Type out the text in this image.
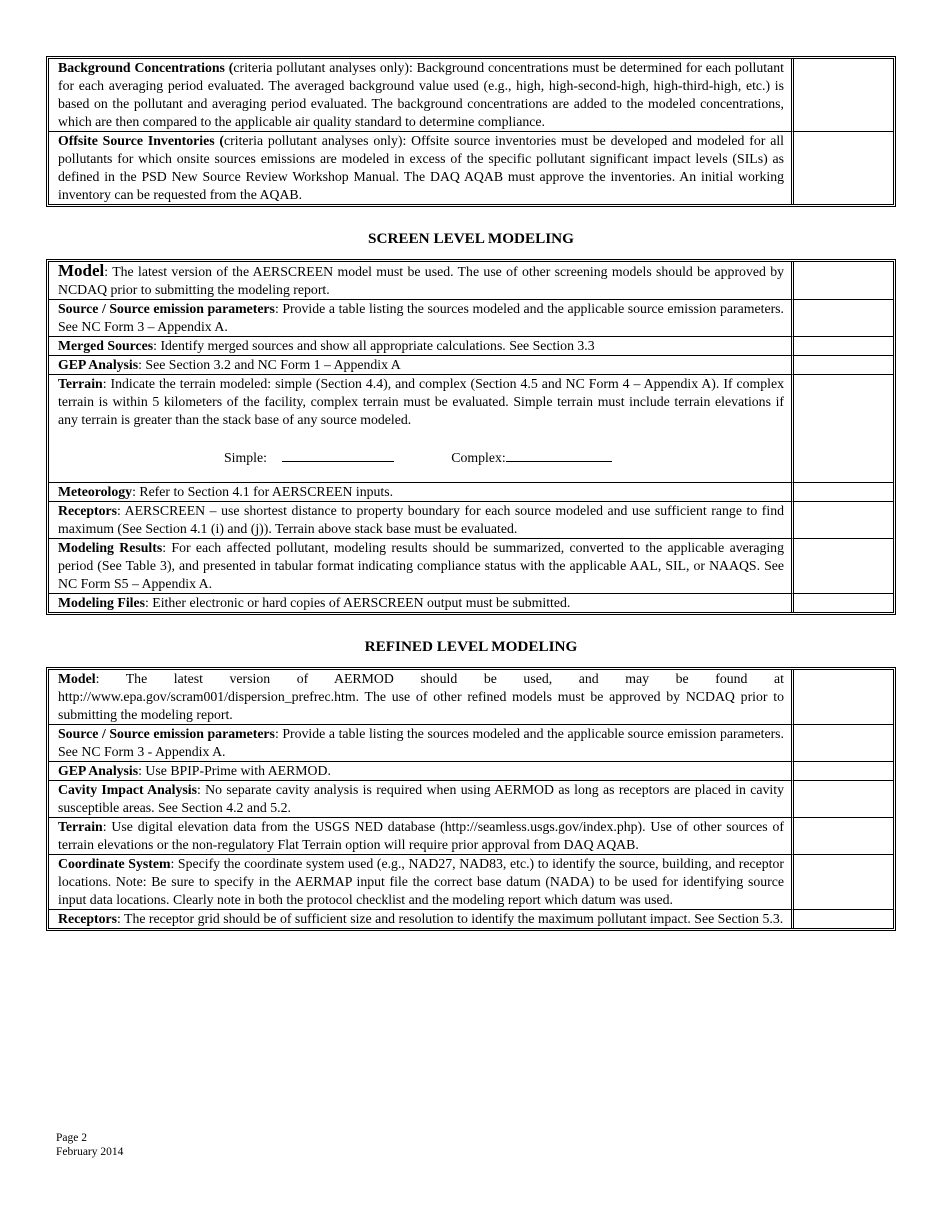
Background Concentrations (criteria pollutant analyses only): Background concentrations must be determined for each pollutant for each averaging period evaluated. The averaged background value used (e.g., high, high-second-high, high-third-high, etc.) is based on the pollutant and averaging period evaluated. The background concentrations are added to the modeled concentrations, which are then compared to the applicable air quality standard to determine compliance.	
Offsite Source Inventories (criteria pollutant analyses only): Offsite source inventories must be developed and modeled for all pollutants for which onsite sources emissions are modeled in excess of the specific pollutant significant impact levels (SILs) as defined in the PSD New Source Review Workshop Manual. The DAQ AQAB must approve the inventories. An initial working inventory can be requested from the AQAB.	
SCREEN LEVEL MODELING
Model: The latest version of the AERSCREEN model must be used. The use of other screening models should be approved by NCDAQ prior to submitting the modeling report.	
Source / Source emission parameters: Provide a table listing the sources modeled and the applicable source emission parameters. See NC Form 3 – Appendix A.	
Merged Sources: Identify merged sources and show all appropriate calculations. See Section 3.3	
GEP Analysis: See Section 3.2 and NC Form 1 – Appendix A	
Terrain: Indicate the terrain modeled: simple (Section 4.4), and complex (Section 4.5 and NC Form 4 – Appendix A). If complex terrain is within 5 kilometers of the facility, complex terrain must be evaluated. Simple terrain must include terrain elevations if any terrain is greater than the stack base of any source modeled.
Simple: Complex:	

Meteorology: Refer to Section 4.1 for AERSCREEN inputs.	
Receptors: AERSCREEN – use shortest distance to property boundary for each source modeled and use sufficient range to find maximum (See Section 4.1 (i) and (j)). Terrain above stack base must be evaluated.	
Modeling Results: For each affected pollutant, modeling results should be summarized, converted to the applicable averaging period (See Table 3), and presented in tabular format indicating compliance status with the applicable AAL, SIL, or NAAQS. See NC Form S5 – Appendix A.	
Modeling Files: Either electronic or hard copies of AERSCREEN output must be submitted.	
REFINED LEVEL MODELING
Model: The latest version of AERMOD should be used, and may be found at http://www.epa.gov/scram001/dispersion_prefrec.htm. The use of other refined models must be approved by NCDAQ prior to submitting the modeling report.	
Source / Source emission parameters: Provide a table listing the sources modeled and the applicable source emission parameters. See NC Form 3 - Appendix A.	
GEP Analysis: Use BPIP-Prime with AERMOD.	
Cavity Impact Analysis: No separate cavity analysis is required when using AERMOD as long as receptors are placed in cavity susceptible areas. See Section 4.2 and 5.2.	
Terrain: Use digital elevation data from the USGS NED database (http://seamless.usgs.gov/index.php). Use of other sources of terrain elevations or the non-regulatory Flat Terrain option will require prior approval from DAQ AQAB.	
Coordinate System: Specify the coordinate system used (e.g., NAD27, NAD83, etc.) to identify the source, building, and receptor locations. Note: Be sure to specify in the AERMAP input file the correct base datum (NADA) to be used for identifying source input data locations. Clearly note in both the protocol checklist and the modeling report which datum was used.	
Receptors: The receptor grid should be of sufficient size and resolution to identify the maximum pollutant impact. See Section 5.3.	
Page 2
February 2014
